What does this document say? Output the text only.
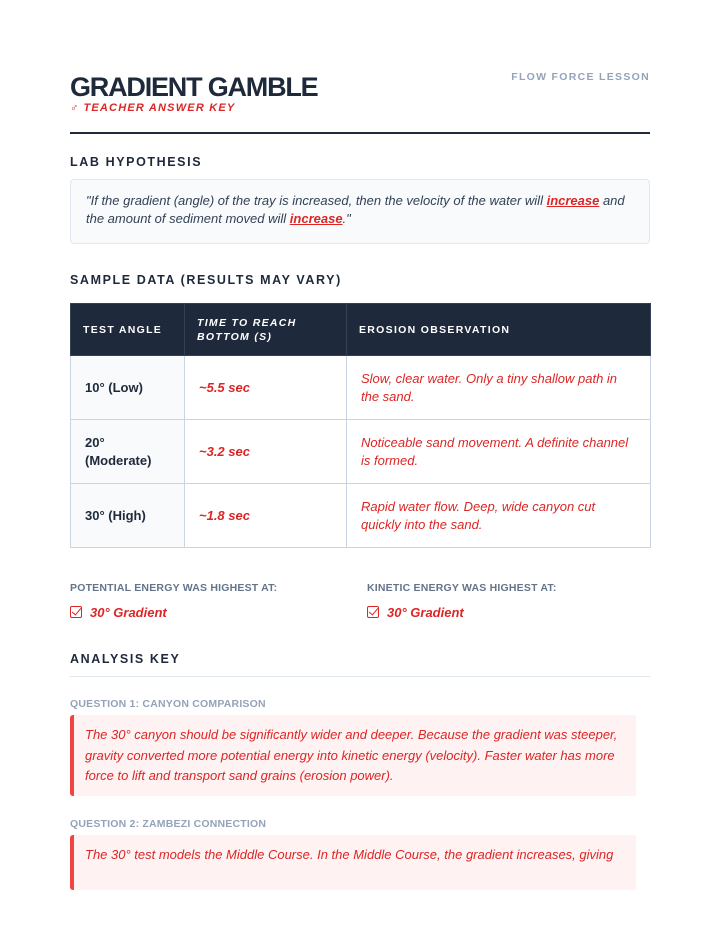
GRADIENT GAMBLE
♂ TEACHER ANSWER KEY
FLOW FORCE LESSON
LAB HYPOTHESIS

"If the gradient (angle) of the tray is increased, then the velocity of the water will increase and the amount of sediment moved will increase."

SAMPLE DATA (RESULTS MAY VARY)
TEST ANGLE	TIME TO REACH BOTTOM (S)	EROSION OBSERVATION
10° (Low)	~5.5 sec	Slow, clear water. Only a tiny shallow path in the sand.
20° (Moderate)	~3.2 sec	Noticeable sand movement. A definite channel is formed.
30° (High)	~1.8 sec	Rapid water flow. Deep, wide canyon cut quickly into the sand.
POTENTIAL ENERGY WAS HIGHEST AT:
30° Gradient
KINETIC ENERGY WAS HIGHEST AT:
30° Gradient
ANALYSIS KEY
QUESTION 1: CANYON COMPARISON

The 30° canyon should be significantly wider and deeper. Because the gradient was steeper, gravity converted more potential energy into kinetic energy (velocity). Faster water has more force to lift and transport sand grains (erosion power).

QUESTION 2: ZAMBEZI CONNECTION

The 30° test models the Middle Course. In the Middle Course, the gradient increases, giving
